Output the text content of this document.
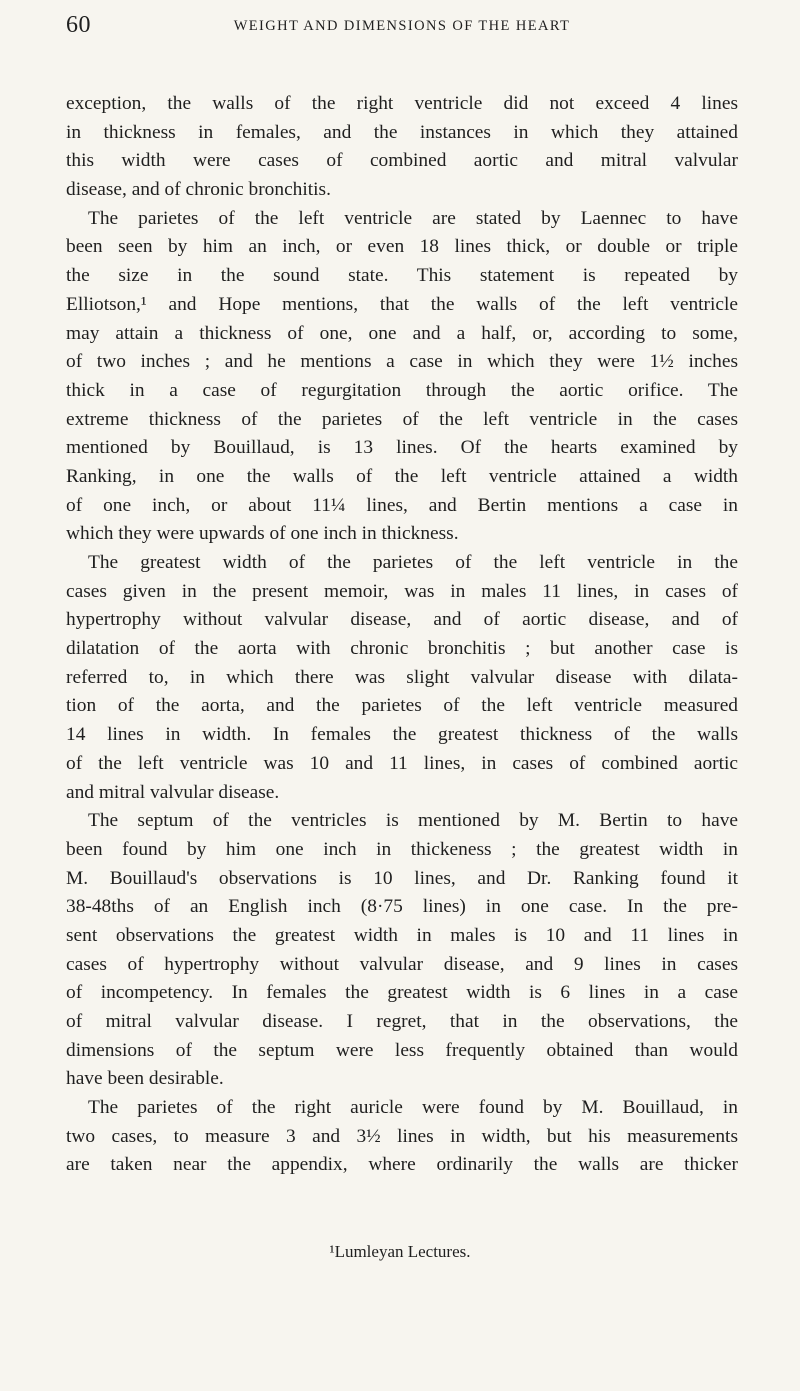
60	WEIGHT AND DIMENSIONS OF THE HEART
exception, the walls of the right ventricle did not exceed 4 lines
in thickness in females, and the instances in which they attained
this width were cases of combined aortic and mitral valvular
disease, and of chronic bronchitis.
The parietes of the left ventricle are stated by Laennec to have
been seen by him an inch, or even 18 lines thick, or double or triple
the size in the sound state. This statement is repeated by
Elliotson,¹ and Hope mentions, that the walls of the left ventricle
may attain a thickness of one, one and a half, or, according to some,
of two inches ; and he mentions a case in which they were 1½ inches
thick in a case of regurgitation through the aortic orifice. The
extreme thickness of the parietes of the left ventricle in the cases
mentioned by Bouillaud, is 13 lines. Of the hearts examined by
Ranking, in one the walls of the left ventricle attained a width
of one inch, or about 11¼ lines, and Bertin mentions a case in
which they were upwards of one inch in thickness.
The greatest width of the parietes of the left ventricle in the
cases given in the present memoir, was in males 11 lines, in cases of
hypertrophy without valvular disease, and of aortic disease, and of
dilatation of the aorta with chronic bronchitis ; but another case is
referred to, in which there was slight valvular disease with dilata-
tion of the aorta, and the parietes of the left ventricle measured
14 lines in width. In females the greatest thickness of the walls
of the left ventricle was 10 and 11 lines, in cases of combined aortic
and mitral valvular disease.
The septum of the ventricles is mentioned by M. Bertin to have
been found by him one inch in thickeness ; the greatest width in
M. Bouillaud's observations is 10 lines, and Dr. Ranking found it
38-48ths of an English inch (8·75 lines) in one case. In the pre-
sent observations the greatest width in males is 10 and 11 lines in
cases of hypertrophy without valvular disease, and 9 lines in cases
of incompetency. In females the greatest width is 6 lines in a case
of mitral valvular disease. I regret, that in the observations, the
dimensions of the septum were less frequently obtained than would
have been desirable.
The parietes of the right auricle were found by M. Bouillaud, in
two cases, to measure 3 and 3½ lines in width, but his measurements
are taken near the appendix, where ordinarily the walls are thicker
¹Lumleyan Lectures.
